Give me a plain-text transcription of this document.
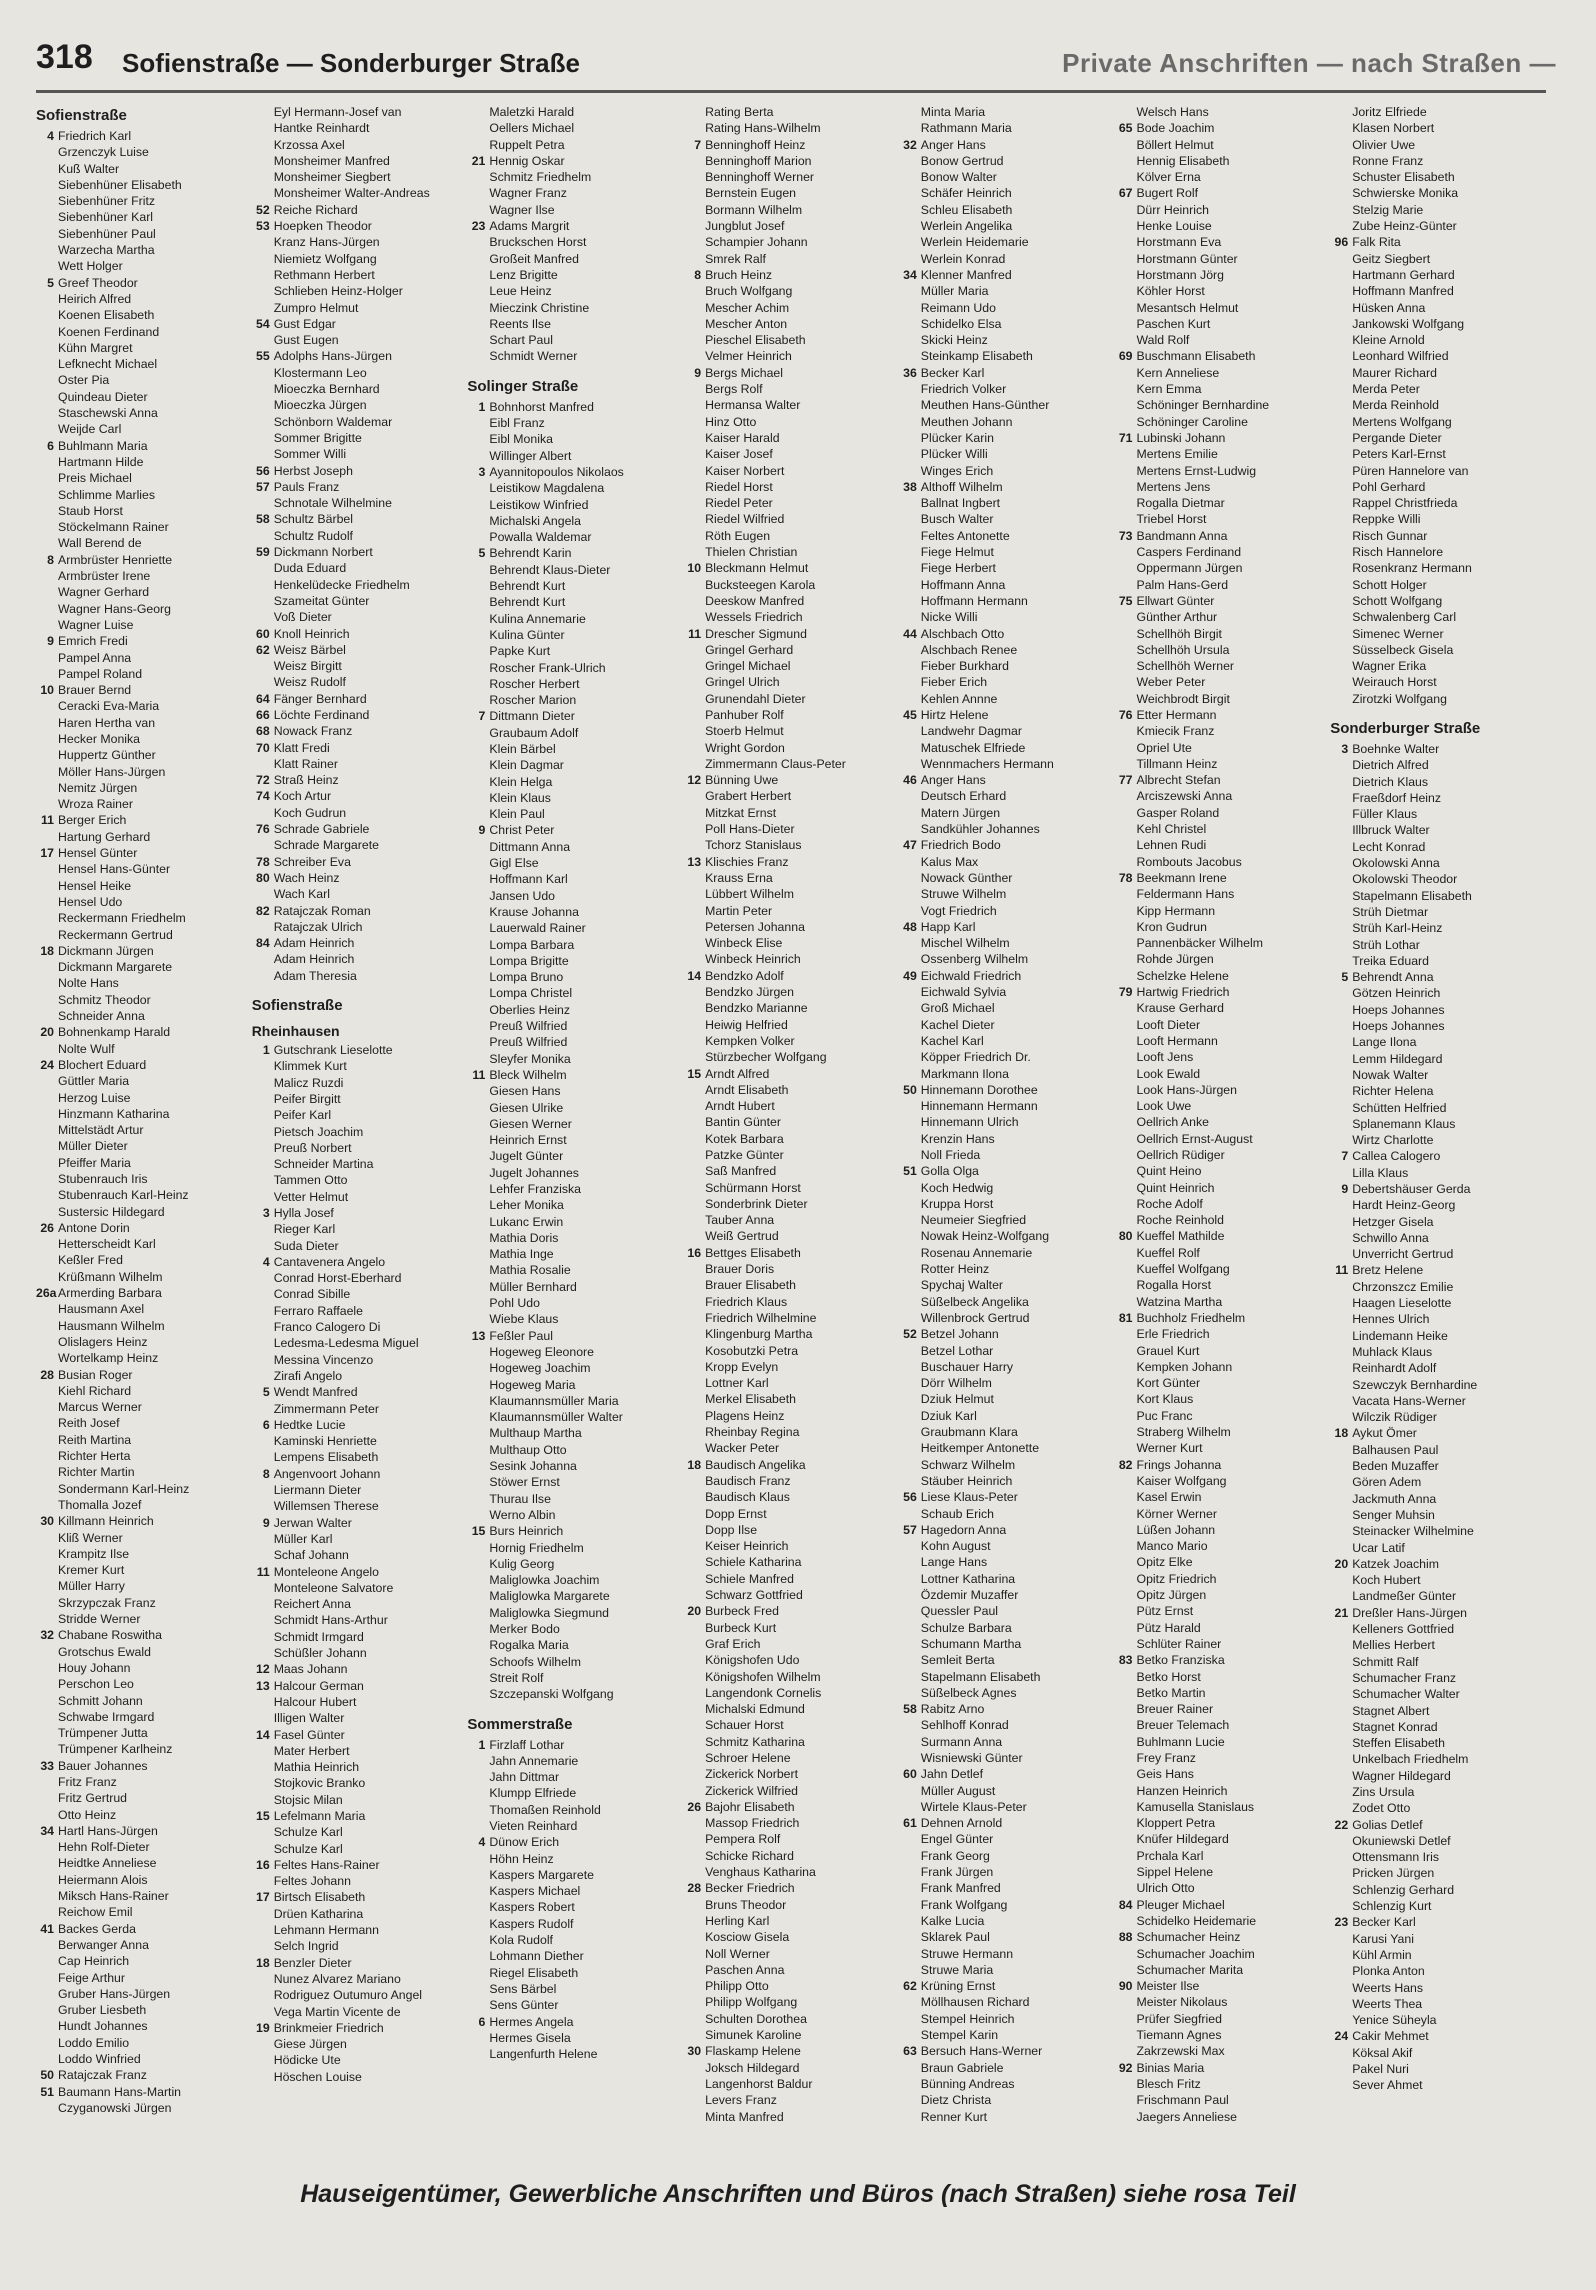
318 Sofienstraße — Sonderburger Straße	Private Anschriften — nach Straßen —
Sofienstraße
4 Friedrich Karl
Grzenczyk Luise
Kuß Walter
Siebenhüner Elisabeth
Siebenhüner Fritz
Siebenhüner Karl
Siebenhüner Paul
Warzecha Martha
Wett Holger
5 Greef Theodor
Heirich Alfred
Koenen Elisabeth
Koenen Ferdinand
Kühn Margret
Lefknecht Michael
Oster Pia
Quindeau Dieter
Staschewski Anna
Weijde Carl
6 Buhlmann Maria
Hartmann Hilde
Preis Michael
Schlimme Marlies
Staub Horst
Stöckelmann Rainer
Wall Berend de
8 Armbrüster Henriette
Armbrüster Irene
Wagner Gerhard
Wagner Hans-Georg
Wagner Luise
9 Emrich Fredi
Pampel Anna
Pampel Roland
10 Brauer Bernd
Ceracki Eva-Maria
Haren Hertha van
Hecker Monika
Huppertz Günther
Möller Hans-Jürgen
Nemitz Jürgen
Wroza Rainer
11 Berger Erich
Hartung Gerhard
17 Hensel Günter
Hensel Hans-Günter
Hensel Heike
Hensel Udo
Reckermann Friedhelm
Reckermann Gertrud
18 Dickmann Jürgen
Dickmann Margarete
Nolte Hans
Schmitz Theodor
Schneider Anna
20 Bohnenkamp Harald
Nolte Wulf
24 Blochert Eduard
Güttler Maria
Herzog Luise
Hinzmann Katharina
Mittelstädt Artur
Müller Dieter
Pfeiffer Maria
Stubenrauch Iris
Stubenrauch Karl-Heinz
Sustersic Hildegard
26 Antone Dorin
Hetterscheidt Karl
Keßler Fred
Krüßmann Wilhelm
26aArmerding Barbara
Hausmann Axel
Hausmann Wilhelm
Olislagers Heinz
Wortelkamp Heinz
28 Busian Roger
Kiehl Richard
Marcus Werner
Reith Josef
Reith Martina
Richter Herta
Richter Martin
Sondermann Karl-Heinz
Thomalla Jozef
30 Killmann Heinrich
Kliß Werner
Krampitz Ilse
Kremer Kurt
Müller Harry
Skrzypczak Franz
Stridde Werner
32 Chabane Roswitha
Grotschus Ewald
Houy Johann
Perschon Leo
Schmitt Johann
Schwabe Irmgard
Trümpener Jutta
Trümpener Karlheinz
33 Bauer Johannes
Fritz Franz
Fritz Gertrud
Otto Heinz
34 Hartl Hans-Jürgen
Hehn Rolf-Dieter
Heidtke Anneliese
Heiermann Alois
Miksch Hans-Rainer
Reichow Emil
41 Backes Gerda
Berwanger Anna
Cap Heinrich
Feige Arthur
Gruber Hans-Jürgen
Gruber Liesbeth
Hundt Johannes
Loddo Emilio
Loddo Winfried
50 Ratajczak Franz
51 Baumann Hans-Martin
Czyganowski Jürgen
Eyl Hermann-Josef van
Hantke Reinhardt
Krzossa Axel
Monsheimer Manfred
Monsheimer Siegbert
Monsheimer Walter-Andreas
52 Reiche Richard
53 Hoepken Theodor
Kranz Hans-Jürgen
Niemietz Wolfgang
Rethmann Herbert
Schlieben Heinz-Holger
Zumpro Helmut
54 Gust Edgar
Gust Eugen
55 Adolphs Hans-Jürgen
Klostermann Leo
Mioeczka Bernhard
Mioeczka Jürgen
Schönborn Waldemar
Sommer Brigitte
Sommer Willi
56 Herbst Joseph
57 Pauls Franz
Schnotale Wilhelmine
58 Schultz Bärbel
Schultz Rudolf
59 Dickmann Norbert
Duda Eduard
Henkelüdecke Friedhelm
Szameitat Günter
Voß Dieter
60 Knoll Heinrich
62 Weisz Bärbel
Weisz Birgitt
Weisz Rudolf
64 Fänger Bernhard
66 Löchte Ferdinand
68 Nowack Franz
70 Klatt Fredi
Klatt Rainer
72 Straß Heinz
74 Koch Artur
Koch Gudrun
76 Schrade Gabriele
Schrade Margarete
78 Schreiber Eva
80 Wach Heinz
Wach Karl
82 Ratajczak Roman
Ratajczak Ulrich
84 Adam Heinrich
Adam Heinrich
Adam Theresia
Sofienstraße
Rheinhausen
1 Gutschrank Lieselotte
Klimmek Kurt
Malicz Ruzdi
Peifer Birgitt
Peifer Karl
Pietsch Joachim
Preuß Norbert
Schneider Martina
Tammen Otto
Vetter Helmut
3 Hylla Josef
Rieger Karl
Suda Dieter
4 Cantavenera Angelo
Conrad Horst-Eberhard
Conrad Sibille
Ferraro Raffaele
Franco Calogero Di
Ledesma-Ledesma Miguel
Messina Vincenzo
Zirafi Angelo
5 Wendt Manfred
Zimmermann Peter
6 Hedtke Lucie
Kaminski Henriette
Lempens Elisabeth
8 Angenvoort Johann
Liermann Dieter
Willemsen Therese
9 Jerwan Walter
Müller Karl
Schaf Johann
11 Monteleone Angelo
Monteleone Salvatore
Reichert Anna
Schmidt Hans-Arthur
Schmidt Irmgard
Schüßler Johann
12 Maas Johann
13 Halcour German
Halcour Hubert
Illigen Walter
14 Fasel Günter
Mater Herbert
Mathia Heinrich
Stojkovic Branko
Stojsic Milan
15 Lefelmann Maria
Schulze Karl
Schulze Karl
16 Feltes Hans-Rainer
Feltes Johann
17 Birtsch Elisabeth
Drüen Katharina
Lehmann Hermann
Selch Ingrid
18 Benzler Dieter
Nunez Alvarez Mariano
Rodriguez Outumuro Angel
Vega Martin Vicente de
19 Brinkmeier Friedrich
Giese Jürgen
Hödicke Ute
Höschen Louise
Maletzki Harald
Oellers Michael
Ruppelt Petra
21 Hennig Oskar
Schmitz Friedhelm
Wagner Franz
Wagner Ilse
23 Adams Margrit
Bruckschen Horst
Großeit Manfred
Lenz Brigitte
Leue Heinz
Mieczink Christine
Reents Ilse
Schart Paul
Schmidt Werner
Solinger Straße
1 Bohnhorst Manfred
Eibl Franz
Eibl Monika
Willinger Albert
3 Ayannitopoulos Nikolaos
Leistikow Magdalena
Leistikow Winfried
Michalski Angela
Powalla Waldemar
5 Behrendt Karin
Behrendt Klaus-Dieter
Behrendt Kurt
Behrendt Kurt
Kulina Annemarie
Kulina Günter
Papke Kurt
Roscher Frank-Ulrich
Roscher Herbert
Roscher Marion
7 Dittmann Dieter
Graubaum Adolf
Klein Bärbel
Klein Dagmar
Klein Helga
Klein Klaus
Klein Paul
9 Christ Peter
Dittmann Anna
Gigl Else
Hoffmann Karl
Jansen Udo
Krause Johanna
Lauerwald Rainer
Lompa Barbara
Lompa Brigitte
Lompa Bruno
Lompa Christel
Oberlies Heinz
Preuß Wilfried
Preuß Wilfried
Sleyfer Monika
11 Bleck Wilhelm
Giesen Hans
Giesen Ulrike
Giesen Werner
Heinrich Ernst
Jugelt Günter
Jugelt Johannes
Lehfer Franziska
Leher Monika
Lukanc Erwin
Mathia Doris
Mathia Inge
Mathia Rosalie
Müller Bernhard
Pohl Udo
Wiebe Klaus
13 Feßler Paul
Hogeweg Eleonore
Hogeweg Joachim
Hogeweg Maria
Klaumannsmüller Maria
Klaumannsmüller Walter
Multhaup Martha
Multhaup Otto
Sesink Johanna
Stöwer Ernst
Thurau Ilse
Werno Albin
15 Burs Heinrich
Hornig Friedhelm
Kulig Georg
Maliglowka Joachim
Maliglowka Margarete
Maliglowka Siegmund
Merker Bodo
Rogalka Maria
Schoofs Wilhelm
Streit Rolf
Szczepanski Wolfgang
Sommerstraße
1 Firzlaff Lothar
Jahn Annemarie
Jahn Dittmar
Klumpp Elfriede
Thomaßen Reinhold
Vieten Reinhard
4 Dünow Erich
Höhn Heinz
Kaspers Margarete
Kaspers Michael
Kaspers Robert
Kaspers Rudolf
Kola Rudolf
Lohmann Diether
Riegel Elisabeth
Sens Bärbel
Sens Günter
6 Hermes Angela
Hermes Gisela
Langenfurth Helene
Rating Berta
Rating Hans-Wilhelm
7 Benninghoff Heinz
Benninghoff Marion
Benninghoff Werner
Bernstein Eugen
Bormann Wilhelm
Jungblut Josef
Schampier Johann
Smrek Ralf
8 Bruch Heinz
Bruch Wolfgang
Mescher Achim
Mescher Anton
Pieschel Elisabeth
Velmer Heinrich
9 Bergs Michael
Bergs Rolf
Hermansa Walter
Hinz Otto
Kaiser Harald
Kaiser Josef
Kaiser Norbert
Riedel Horst
Riedel Peter
Riedel Wilfried
Röth Eugen
Thielen Christian
10 Bleckmann Helmut
Bucksteegen Karola
Deeskow Manfred
Wessels Friedrich
11 Drescher Sigmund
Gringel Gerhard
Gringel Michael
Gringel Ulrich
Grunendahl Dieter
Panhuber Rolf
Stoerb Helmut
Wright Gordon
Zimmermann Claus-Peter
12 Bünning Uwe
Grabert Herbert
Mitzkat Ernst
Poll Hans-Dieter
Tchorz Stanislaus
13 Klischies Franz
Krauss Erna
Lübbert Wilhelm
Martin Peter
Petersen Johanna
Winbeck Elise
Winbeck Heinrich
14 Bendzko Adolf
Bendzko Jürgen
Bendzko Marianne
Heiwig Helfried
Kempken Volker
Stürzbecher Wolfgang
15 Arndt Alfred
Arndt Elisabeth
Arndt Hubert
Bantin Günter
Kotek Barbara
Patzke Günter
Saß Manfred
Schürmann Horst
Sonderbrink Dieter
Tauber Anna
Weiß Gertrud
16 Bettges Elisabeth
Brauer Doris
Brauer Elisabeth
Friedrich Klaus
Friedrich Wilhelmine
Klingenburg Martha
Kosobutzki Petra
Kropp Evelyn
Lottner Karl
Merkel Elisabeth
Plagens Heinz
Rheinbay Regina
Wacker Peter
18 Baudisch Angelika
Baudisch Franz
Baudisch Klaus
Dopp Ernst
Dopp Ilse
Keiser Heinrich
Schiele Katharina
Schiele Manfred
Schwarz Gottfried
20 Burbeck Fred
Burbeck Kurt
Graf Erich
Königshofen Udo
Königshofen Wilhelm
Langendonk Cornelis
Michalski Edmund
Schauer Horst
Schmitz Katharina
Schroer Helene
Zickerick Norbert
Zickerick Wilfried
26 Bajohr Elisabeth
Massop Friedrich
Pempera Rolf
Schicke Richard
Venghaus Katharina
28 Becker Friedrich
Bruns Theodor
Herling Karl
Kosciow Gisela
Noll Werner
Paschen Anna
Philipp Otto
Philipp Wolfgang
Schulten Dorothea
Simunek Karoline
30 Flaskamp Helene
Joksch Hildegard
Langenhorst Baldur
Levers Franz
Minta Manfred
Minta Maria
Rathmann Maria
32 Anger Hans
Bonow Gertrud
Bonow Walter
Schäfer Heinrich
Schleu Elisabeth
Werlein Angelika
Werlein Heidemarie
Werlein Konrad
34 Klenner Manfred
Müller Maria
Reimann Udo
Schidelko Elsa
Skicki Heinz
Steinkamp Elisabeth
36 Becker Karl
Friedrich Volker
Meuthen Hans-Günther
Meuthen Johann
Plücker Karin
Plücker Willi
Winges Erich
38 Althoff Wilhelm
Ballnat Ingbert
Busch Walter
Feltes Antonette
Fiege Helmut
Fiege Herbert
Hoffmann Anna
Hoffmann Hermann
Nicke Willi
44 Alschbach Otto
Alschbach Renee
Fieber Burkhard
Fieber Erich
Kehlen Annne
45 Hirtz Helene
Landwehr Dagmar
Matuschek Elfriede
Wennmachers Hermann
46 Anger Hans
Deutsch Erhard
Matern Jürgen
Sandkühler Johannes
47 Friedrich Bodo
Kalus Max
Nowack Günther
Struwe Wilhelm
Vogt Friedrich
48 Happ Karl
Mischel Wilhelm
Ossenberg Wilhelm
49 Eichwald Friedrich
Eichwald Sylvia
Groß Michael
Kachel Dieter
Kachel Karl
Köpper Friedrich Dr.
Markmann Ilona
50 Hinnemann Dorothee
Hinnemann Hermann
Hinnemann Ulrich
Krenzin Hans
Noll Frieda
51 Golla Olga
Koch Hedwig
Kruppa Horst
Neumeier Siegfried
Nowak Heinz-Wolfgang
Rosenau Annemarie
Rotter Heinz
Spychaj Walter
Süßelbeck Angelika
Willenbrock Gertrud
52 Betzel Johann
Betzel Lothar
Buschauer Harry
Dörr Wilhelm
Dziuk Helmut
Dziuk Karl
Graubmann Klara
Heitkemper Antonette
Schwarz Wilhelm
Stäuber Heinrich
56 Liese Klaus-Peter
Schaub Erich
57 Hagedorn Anna
Kohn August
Lange Hans
Lottner Katharina
Özdemir Muzaffer
Quessler Paul
Schulze Barbara
Schumann Martha
Semleit Berta
Stapelmann Elisabeth
Süßelbeck Agnes
58 Rabitz Arno
Sehlhoff Konrad
Surmann Anna
Wisniewski Günter
60 Jahn Detlef
Müller August
Wirtele Klaus-Peter
61 Dehnen Arnold
Engel Günter
Frank Georg
Frank Jürgen
Frank Manfred
Frank Wolfgang
Kalke Lucia
Sklarek Paul
Struwe Hermann
Struwe Maria
62 Krüning Ernst
Möllhausen Richard
Stempel Heinrich
Stempel Karin
63 Bersuch Hans-Werner
Braun Gabriele
Bünning Andreas
Dietz Christa
Renner Kurt
Welsch Hans
65 Bode Joachim
Böllert Helmut
Hennig Elisabeth
Kölver Erna
67 Bugert Rolf
Dürr Heinrich
Henke Louise
Horstmann Eva
Horstmann Günter
Horstmann Jörg
Köhler Horst
Mesantsch Helmut
Paschen Kurt
Wald Rolf
69 Buschmann Elisabeth
Kern Anneliese
Kern Emma
Schöninger Bernhardine
Schöninger Caroline
71 Lubinski Johann
Mertens Emilie
Mertens Ernst-Ludwig
Mertens Jens
Rogalla Dietmar
Triebel Horst
73 Bandmann Anna
Caspers Ferdinand
Oppermann Jürgen
Palm Hans-Gerd
75 Ellwart Günter
Günther Arthur
Schellhöh Birgit
Schellhöh Ursula
Schellhöh Werner
Weber Peter
Weichbrodt Birgit
76 Etter Hermann
Kmiecik Franz
Opriel Ute
Tillmann Heinz
77 Albrecht Stefan
Arciszewski Anna
Gasper Roland
Kehl Christel
Lehnen Rudi
Rombouts Jacobus
78 Beekmann Irene
Feldermann Hans
Kipp Hermann
Kron Gudrun
Pannenbäcker Wilhelm
Rohde Jürgen
Schelzke Helene
79 Hartwig Friedrich
Krause Gerhard
Looft Dieter
Looft Hermann
Looft Jens
Look Ewald
Look Hans-Jürgen
Look Uwe
Oellrich Anke
Oellrich Ernst-August
Oellrich Rüdiger
Quint Heino
Quint Heinrich
Roche Adolf
Roche Reinhold
80 Kueffel Mathilde
Kueffel Rolf
Kueffel Wolfgang
Rogalla Horst
Watzina Martha
81 Buchholz Friedhelm
Erle Friedrich
Grauel Kurt
Kempken Johann
Kort Günter
Kort Klaus
Puc Franc
Straberg Wilhelm
Werner Kurt
82 Frings Johanna
Kaiser Wolfgang
Kasel Erwin
Körner Werner
Lüßen Johann
Manco Mario
Opitz Elke
Opitz Friedrich
Opitz Jürgen
Pütz Ernst
Pütz Harald
Schlüter Rainer
83 Betko Franziska
Betko Horst
Betko Martin
Breuer Rainer
Breuer Telemach
Buhlmann Lucie
Frey Franz
Geis Hans
Hanzen Heinrich
Kamusella Stanislaus
Kloppert Petra
Knüfer Hildegard
Prchala Karl
Sippel Helene
Ulrich Otto
84 Pleuger Michael
Schidelko Heidemarie
88 Schumacher Heinz
Schumacher Joachim
Schumacher Marita
90 Meister Ilse
Meister Nikolaus
Prüfer Siegfried
Tiemann Agnes
Zakrzewski Max
92 Binias Maria
Blesch Fritz
Frischmann Paul
Jaegers Anneliese
Joritz Elfriede
Klasen Norbert
Olivier Uwe
Ronne Franz
Schuster Elisabeth
Schwierske Monika
Stelzig Marie
Zube Heinz-Günter
96 Falk Rita
Geitz Siegbert
Hartmann Gerhard
Hoffmann Manfred
Hüsken Anna
Jankowski Wolfgang
Kleine Arnold
Leonhard Wilfried
Maurer Richard
Merda Peter
Merda Reinhold
Mertens Wolfgang
Pergande Dieter
Peters Karl-Ernst
Püren Hannelore van
Pohl Gerhard
Rappel Christfrieda
Reppke Willi
Risch Gunnar
Risch Hannelore
Rosenkranz Hermann
Schott Holger
Schott Wolfgang
Schwalenberg Carl
Simenec Werner
Süsselbeck Gisela
Wagner Erika
Weirauch Horst
Zirotzki Wolfgang
Sonderburger Straße
3 Boehnke Walter
Dietrich Alfred
Dietrich Klaus
Fraeßdorf Heinz
Füller Klaus
Illbruck Walter
Lecht Konrad
Okolowski Anna
Okolowski Theodor
Stapelmann Elisabeth
Strüh Dietmar
Strüh Karl-Heinz
Strüh Lothar
Treika Eduard
5 Behrendt Anna
Götzen Heinrich
Hoeps Johannes
Hoeps Johannes
Lange Ilona
Lemm Hildegard
Nowak Walter
Richter Helena
Schütten Helfried
Splanemann Klaus
Wirtz Charlotte
7 Callea Calogero
Lilla Klaus
9 Debertshäuser Gerda
Hardt Heinz-Georg
Hetzger Gisela
Schwillo Anna
Unverricht Gertrud
11 Bretz Helene
Chrzonszcz Emilie
Haagen Lieselotte
Hennes Ulrich
Lindemann Heike
Muhlack Klaus
Reinhardt Adolf
Szewczyk Bernhardine
Vacata Hans-Werner
Wilczik Rüdiger
18 Aykut Ömer
Balhausen Paul
Beden Muzaffer
Gören Adem
Jackmuth Anna
Senger Muhsin
Steinacker Wilhelmine
Ucar Latif
20 Katzek Joachim
Koch Hubert
Landmeßer Günter
21 Dreßler Hans-Jürgen
Kelleners Gottfried
Mellies Herbert
Schmitt Ralf
Schumacher Franz
Schumacher Walter
Stagnet Albert
Stagnet Konrad
Steffen Elisabeth
Unkelbach Friedhelm
Wagner Hildegard
Zins Ursula
Zodet Otto
22 Golias Detlef
Okuniewski Detlef
Ottensmann Iris
Pricken Jürgen
Schlenzig Gerhard
Schlenzig Kurt
23 Becker Karl
Karusi Yani
Kühl Armin
Plonka Anton
Weerts Hans
Weerts Thea
Yenice Süheyla
24 Cakir Mehmet
Köksal Akif
Pakel Nuri
Sever Ahmet
Hauseigentümer, Gewerbliche Anschriften und Büros (nach Straßen) siehe rosa Teil
